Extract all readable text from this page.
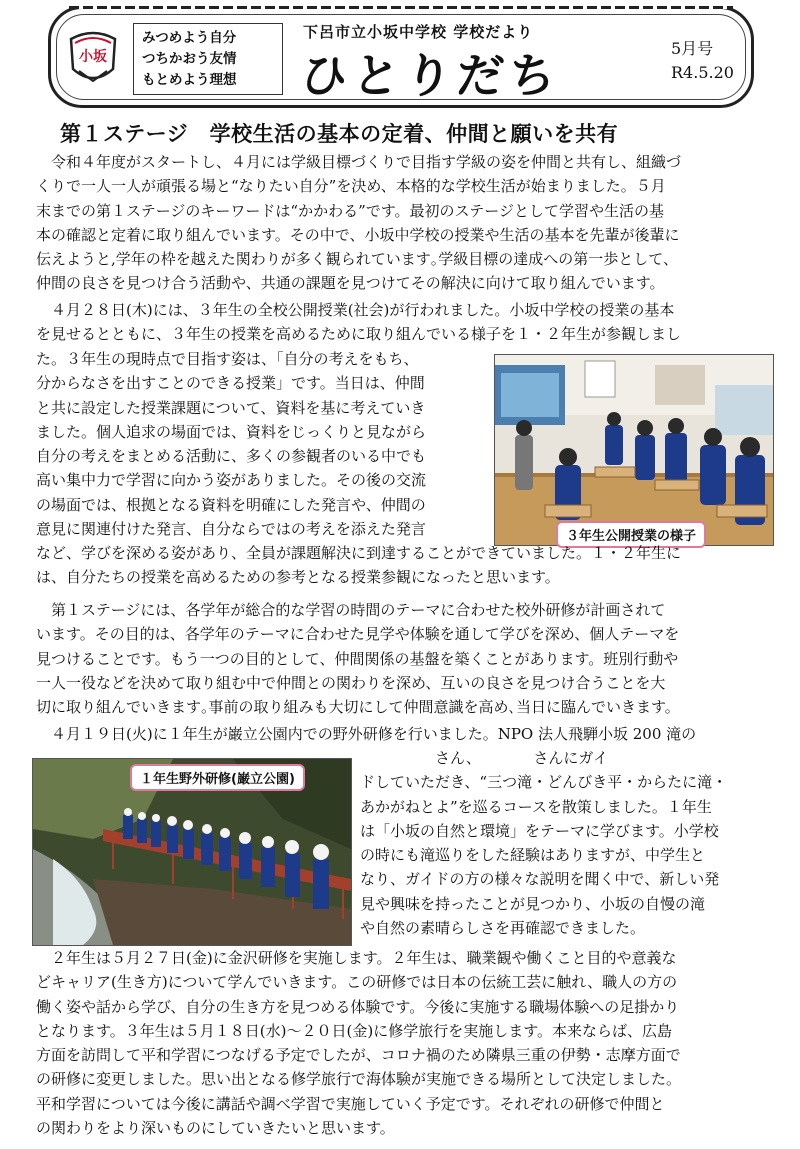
小坂
みつめよう自分
つちかおう友情
もとめよう理想
下呂市立小坂中学校 学校だより
ひとりだち
5月号
R4.5.20
第１ステージ　学校生活の基本の定着、仲間と願いを共有
　令和４年度がスタートし、４月には学級目標づくりで目指す学級の姿を仲間と共有し、組織づ
くりで一人一人が頑張る場と“なりたい自分”を決め、本格的な学校生活が始まりました。５月
末までの第１ステージのキーワードは“かかわる”です。最初のステージとして学習や生活の基
本の確認と定着に取り組んでいます。その中で、小坂中学校の授業や生活の基本を先輩が後輩に
伝えようと,学年の枠を越えた関わりが多く観られています｡学級目標の達成への第一歩として、
仲間の良さを見つけ合う活動や、共通の課題を見つけてその解決に向けて取り組んでいます。
　４月２８日(木)には、３年生の全校公開授業(社会)が行われました。小坂中学校の授業の基本
を見せるとともに、３年生の授業を高めるために取り組んでいる様子を１・２年生が参観しまし
た。３年生の現時点で目指す姿は、「自分の考えをもち、
分からなさを出すことのできる授業」です。当日は、仲間
と共に設定した授業課題について、資料を基に考えていき
ました。個人追求の場面では、資料をじっくりと見ながら
自分の考えをまとめる活動に、多くの参観者のいる中でも
高い集中力で学習に向かう姿がありました。その後の交流
の場面では、根拠となる資料を明確にした発言や、仲間の
意見に関連付けた発言、自分ならではの考えを添えた発言	３年生公開授業の様子
など、学びを深める姿があり、全員が課題解決に到達することができていました。１・２年生に
は、自分たちの授業を高めるための参考となる授業参観になったと思います。
　第１ステージには、各学年が総合的な学習の時間のテーマに合わせた校外研修が計画されて
います。その目的は、各学年のテーマに合わせた見学や体験を通して学びを深め、個人テーマを
見つけることです。もう一つの目的として、仲間関係の基盤を築くことがあります。班別行動や
一人一役などを決めて取り組む中で仲間との関わりを深め、互いの良さを見つけ合うことを大
切に取り組んでいきます｡事前の取り組みも大切にして仲間意識を高め､当日に臨んでいきます。
　４月１９日(火)に１年生が巌立公園内での野外研修を行いました。NPO 法人飛騨小坂 200 滝の
１年生野外研修(巌立公園)
　　　　　さん、　　　　さんにガイ
ドしていただき、“三つ滝・どんびき平・からたに滝・
あかがねとよ”を巡るコースを散策しました。１年生
は「小坂の自然と環境」をテーマに学びます。小学校
の時にも滝巡りをした経験はありますが、中学生と
なり、ガイドの方の様々な説明を聞く中で、新しい発
見や興味を持ったことが見つかり、小坂の自慢の滝
や自然の素晴らしさを再確認できました。
　２年生は５月２７日(金)に金沢研修を実施します。２年生は、職業観や働くこと目的や意義な
どキャリア(生き方)について学んでいきます。この研修では日本の伝統工芸に触れ、職人の方の
働く姿や話から学び、自分の生き方を見つめる体験です。今後に実施する職場体験への足掛かり
となります。３年生は５月１８日(水)～２０日(金)に修学旅行を実施します。本来ならば、広島
方面を訪問して平和学習につなげる予定でしたが、コロナ禍のため隣県三重の伊勢・志摩方面で
の研修に変更しました。思い出となる修学旅行で海体験が実施できる場所として決定しました。
平和学習については今後に講話や調べ学習で実施していく予定です。それぞれの研修で仲間と
の関わりをより深いものにしていきたいと思います。
